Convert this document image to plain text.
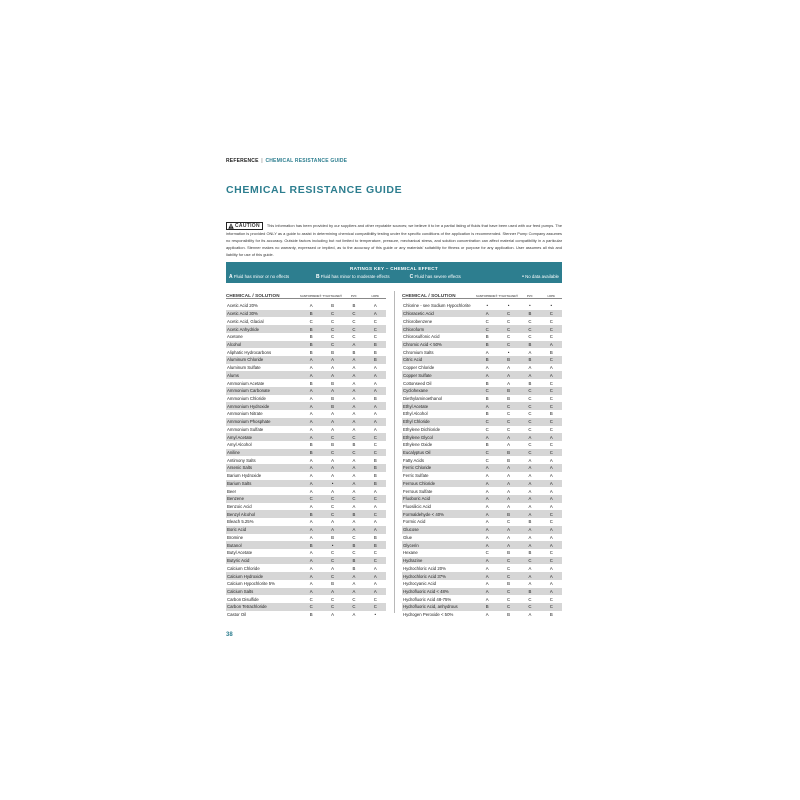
REFERENCE | CHEMICAL RESISTANCE GUIDE
CHEMICAL RESISTANCE GUIDE
CAUTION This information has been provided by our suppliers and other reputable sources; we believe it to be a partial listing of fluids that have been used with our feed pumps. The information is provided ONLY as a guide to assist in determining chemical compatibility testing under the specific conditions of the application is recommended. Stenner Pump Company assumes no responsibility for its accuracy. Outside factors including but not limited to temperature, pressure, mechanical stress, and solution concentration can affect material compatibility in a particular application. Stenner makes no warranty, expressed or implied, as to the accuracy of this guide or any materials' suitability for fitness or purpose for any application. User assumes all risk and liability for use of this guide.
RATINGS KEY – CHEMICAL EFFECT
A Fluid has minor or no effects	B Fluid has minor to moderate effects	C Fluid has severe effects	• No data available
CHEMICAL / SOLUTION	SANTOPRENE® TYGOTHANE®	PVC	LDPE
Acetic Acid 20%	A	B	B	A
Acetic Acid 30%	B	C	C	A
Acetic Acid, Glacial	C	C	C	C
Acetic Anhydride	B	C	C	C
Acetone	B	C	C	C
Alcohol	B	C	A	B
Aliphatic Hydrocarbons	B	B	B	B
Aluminum Chloride	A	A	A	B
Aluminum Sulfate	A	A	A	A
Alums	A	A	A	A
Ammonium Acetate	B	B	A	A
Ammonium Carbonate	A	A	A	A
Ammonium Chloride	A	B	A	B
Ammonium Hydroxide	A	B	A	A
Ammonium Nitrate	A	A	A	A
Ammonium Phosphate	A	A	A	A
Ammonium Sulfate	A	A	A	A
Amyl Acetate	A	C	C	C
Amyl Alcohol	B	B	B	C
Aniline	B	C	C	C
Antimony Salts	A	A	A	B
Arsenic Salts	A	A	A	B
Barium Hydroxide	A	A	A	B
Barium Salts	A	•	A	B
Beer	A	A	A	A
Benzene	C	C	C	C
Benzoic Acid	A	C	A	A
Benzyl Alcohol	B	C	B	C
Bleach 5.25%	A	A	A	A
Boric Acid	A	A	A	A
Bromine	A	B	C	B
Butanol	B	•	B	B
Butyl Acetate	A	C	C	C
Butyric Acid	A	C	B	C
Calcium Chloride	A	A	B	A
Calcium Hydroxide	A	C	A	A
Calcium Hypochlorite 5%	A	B	A	A
Calcium Salts	A	A	A	A
Carbon Disulfide	C	C	C	C
Carbon Tetrachloride	C	C	C	C
Castor Oil	B	A	A	•
CHEMICAL / SOLUTION	SANTOPRENE® TYGOTHANE®	PVC	LDPE
Chlorine - see Sodium Hypochlorite	•	•	•	•
Chloracetic Acid	A	C	B	C
Chlorobenzene	C	C	C	C
Chloroform	C	C	C	C
Chlorosulfonic Acid	B	C	C	C
Chromic Acid < 50%	B	C	B	A
Chromium Salts	A	•	A	B
Citric Acid	B	B	B	C
Copper Chloride	A	A	A	A
Copper Sulfate	A	A	A	A
Cottonseed Oil	B	A	B	C
Cyclohexane	C	B	C	C
Diethylaminoethanol	B	B	C	C
Ethyl Acetate	A	C	C	C
Ethyl Alcohol	B	C	C	B
Ethyl Chloride	C	C	C	C
Ethylene Dichloride	C	C	C	C
Ethylene Glycol	A	A	A	A
Ethylene Oxide	B	A	C	C
Eucalyptus Oil	C	B	C	C
Fatty Acids	C	B	A	A
Ferric Chloride	A	A	A	A
Ferric Sulfate	A	A	A	A
Ferrous Chloride	A	A	A	A
Ferrous Sulfate	A	A	A	A
Fluoboric Acid	A	A	A	A
Fluosilicic Acid	A	A	A	A
Formaldehyde < 40%	A	B	A	C
Formic Acid	A	C	B	C
Glucose	A	A	A	A
Glue	A	A	A	A
Glycerin	A	A	A	A
Hexane	C	B	B	C
Hydrazine	A	C	C	C
Hydrochloric Acid 20%	A	C	A	A
Hydrochloric Acid 37%	A	C	A	A
Hydrocyanic Acid	A	B	A	A
Hydrofluoric Acid < 48%	A	C	B	A
Hydrofluoric Acid 48-75%	A	C	C	C
Hydrofluoric Acid, anhydrous	B	C	C	C
Hydrogen Peroxide < 50%	A	B	A	B
38
